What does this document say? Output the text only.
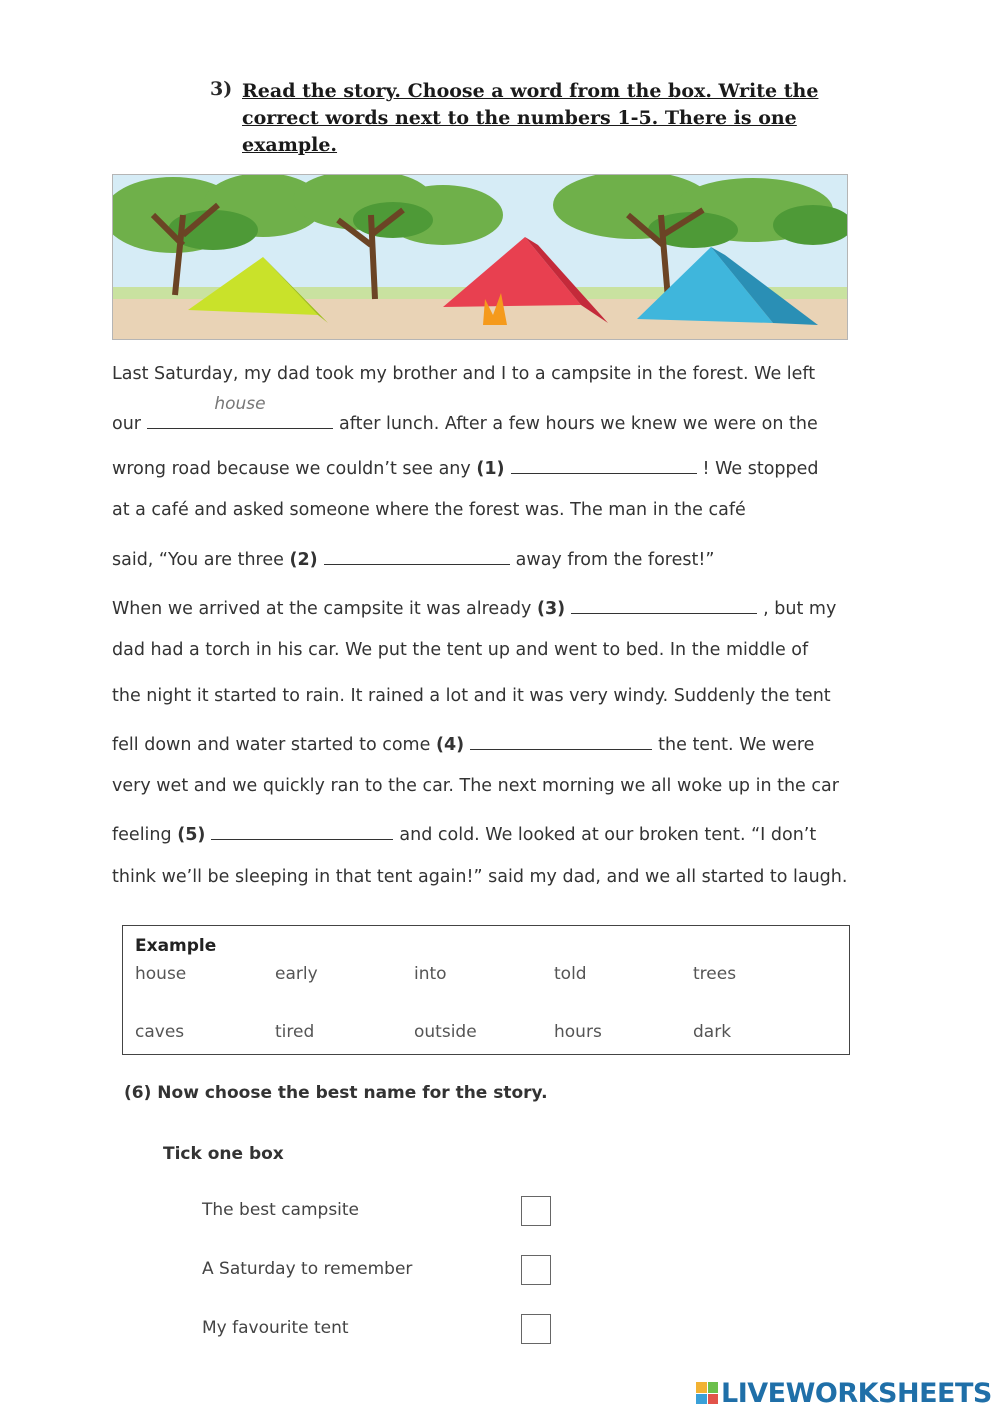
3) Read the story. Choose a word from the box. Write the correct words next to the numbers 1-5. There is one example.
Last Saturday, my dad took my brother and I to a campsite in the forest. We left
our
house
after lunch. After a few hours we knew we were on the
wrong road because we couldn’t see any (1)	! We stopped
at a café and asked someone where the forest was. The man in the café
said, “You are three (2)	away from the forest!”
When we arrived at the campsite it was already (3)	, but my
dad had a torch in his car. We put the tent up and went to bed. In the middle of
the night it started to rain. It rained a lot and it was very windy. Suddenly the tent
fell down and water started to come (4)	the tent. We were
very wet and we quickly ran to the car. The next morning we all woke up in the car
feeling (5)	and cold. We looked at our broken tent. “I don’t
think we’ll be sleeping in that tent again!” said my dad, and we all started to laugh.
Example
house	early	into	told	trees
caves	tired	outside	hours	dark
(6) Now choose the best name for the story.
Tick one box
The best campsite
A Saturday to remember
My favourite tent
LIVEWORKSHEETS
